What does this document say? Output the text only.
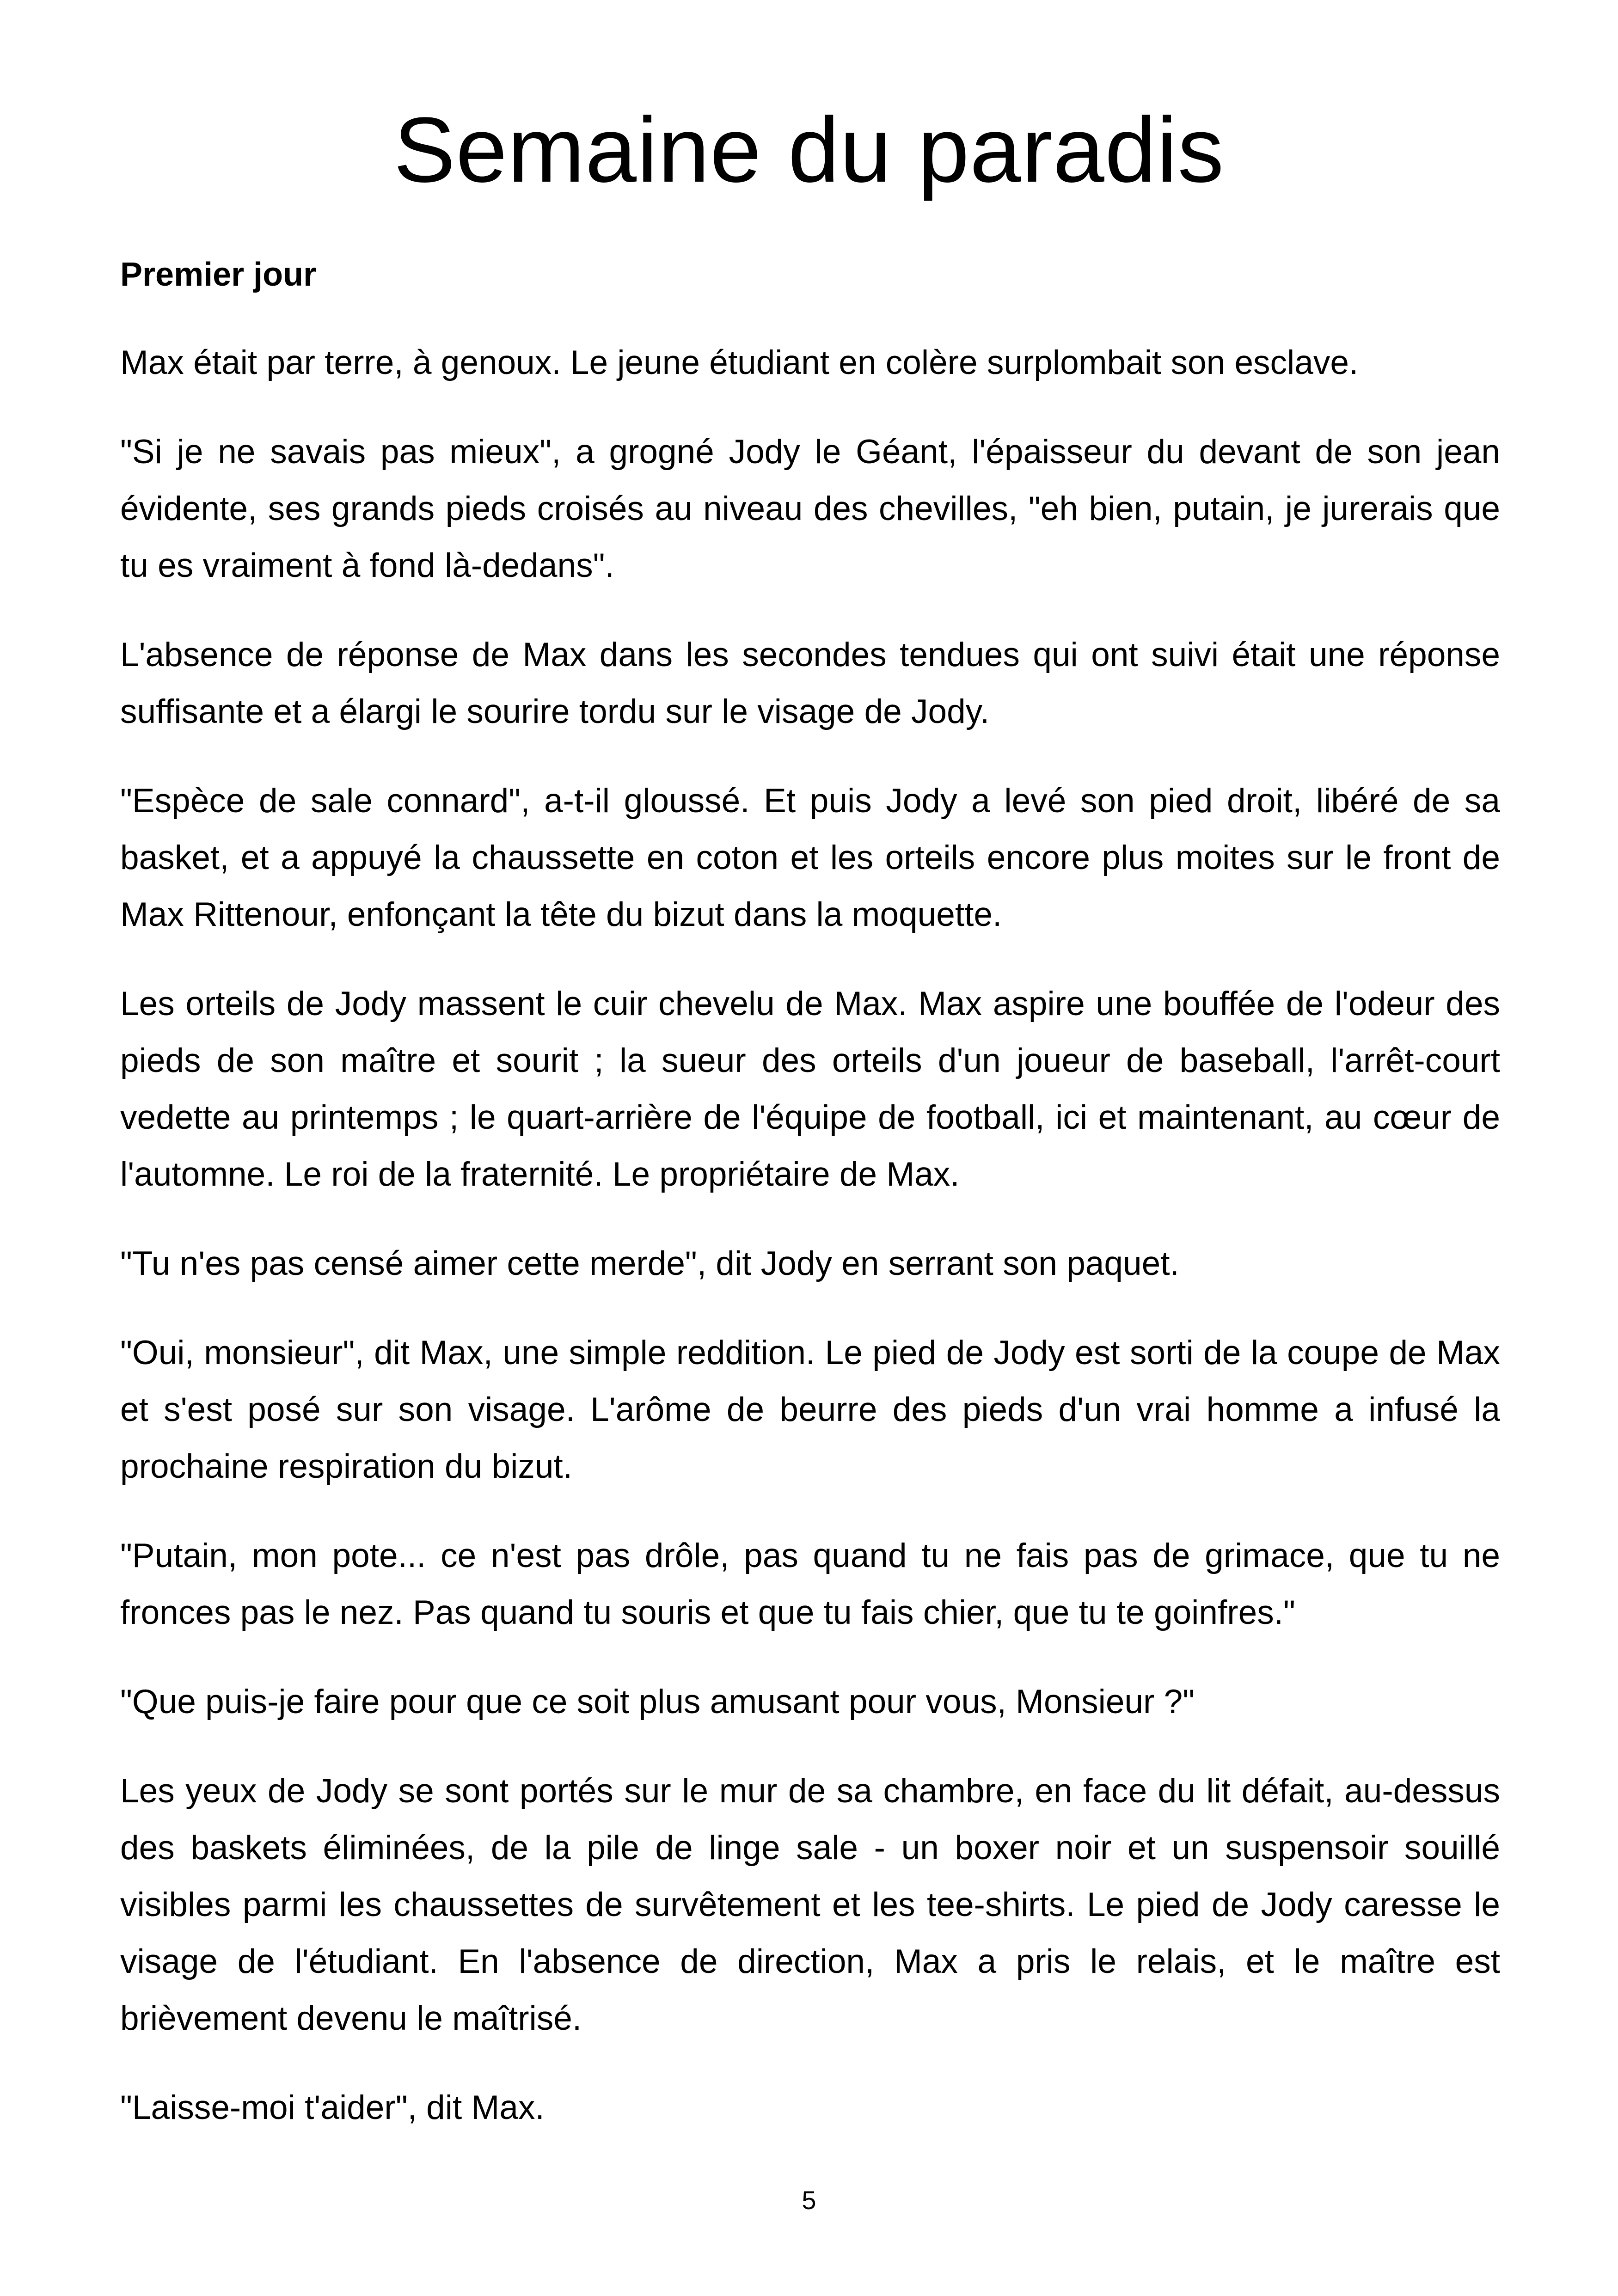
Semaine du paradis

Premier jour

Max était par terre, à genoux. Le jeune étudiant en colère surplombait son esclave.

"Si je ne savais pas mieux", a grogné Jody le Géant, l'épaisseur du devant de son jean évidente, ses grands pieds croisés au niveau des chevilles, "eh bien, putain, je jurerais que tu es vraiment à fond là-dedans".

L'absence de réponse de Max dans les secondes tendues qui ont suivi était une réponse suffisante et a élargi le sourire tordu sur le visage de Jody.

"Espèce de sale connard", a-t-il gloussé. Et puis Jody a levé son pied droit, libéré de sa basket, et a appuyé la chaussette en coton et les orteils encore plus moites sur le front de Max Rittenour, enfonçant la tête du bizut dans la moquette.

Les orteils de Jody massent le cuir chevelu de Max. Max aspire une bouffée de l'odeur des pieds de son maître et sourit ; la sueur des orteils d'un joueur de baseball, l'arrêt-court vedette au printemps ; le quart-arrière de l'équipe de football, ici et maintenant, au cœur de l'automne. Le roi de la fraternité. Le propriétaire de Max.

"Tu n'es pas censé aimer cette merde", dit Jody en serrant son paquet.

"Oui, monsieur", dit Max, une simple reddition. Le pied de Jody est sorti de la coupe de Max et s'est posé sur son visage. L'arôme de beurre des pieds d'un vrai homme a infusé la prochaine respiration du bizut.

"Putain, mon pote... ce n'est pas drôle, pas quand tu ne fais pas de grimace, que tu ne fronces pas le nez. Pas quand tu souris et que tu fais chier, que tu te goinfres."

"Que puis-je faire pour que ce soit plus amusant pour vous, Monsieur ?"

Les yeux de Jody se sont portés sur le mur de sa chambre, en face du lit défait, au-dessus des baskets éliminées, de la pile de linge sale - un boxer noir et un suspensoir souillé visibles parmi les chaussettes de survêtement et les tee-shirts. Le pied de Jody caresse le visage de l'étudiant. En l'absence de direction, Max a pris le relais, et le maître est brièvement devenu le maîtrisé.

"Laisse-moi t'aider", dit Max.

5
